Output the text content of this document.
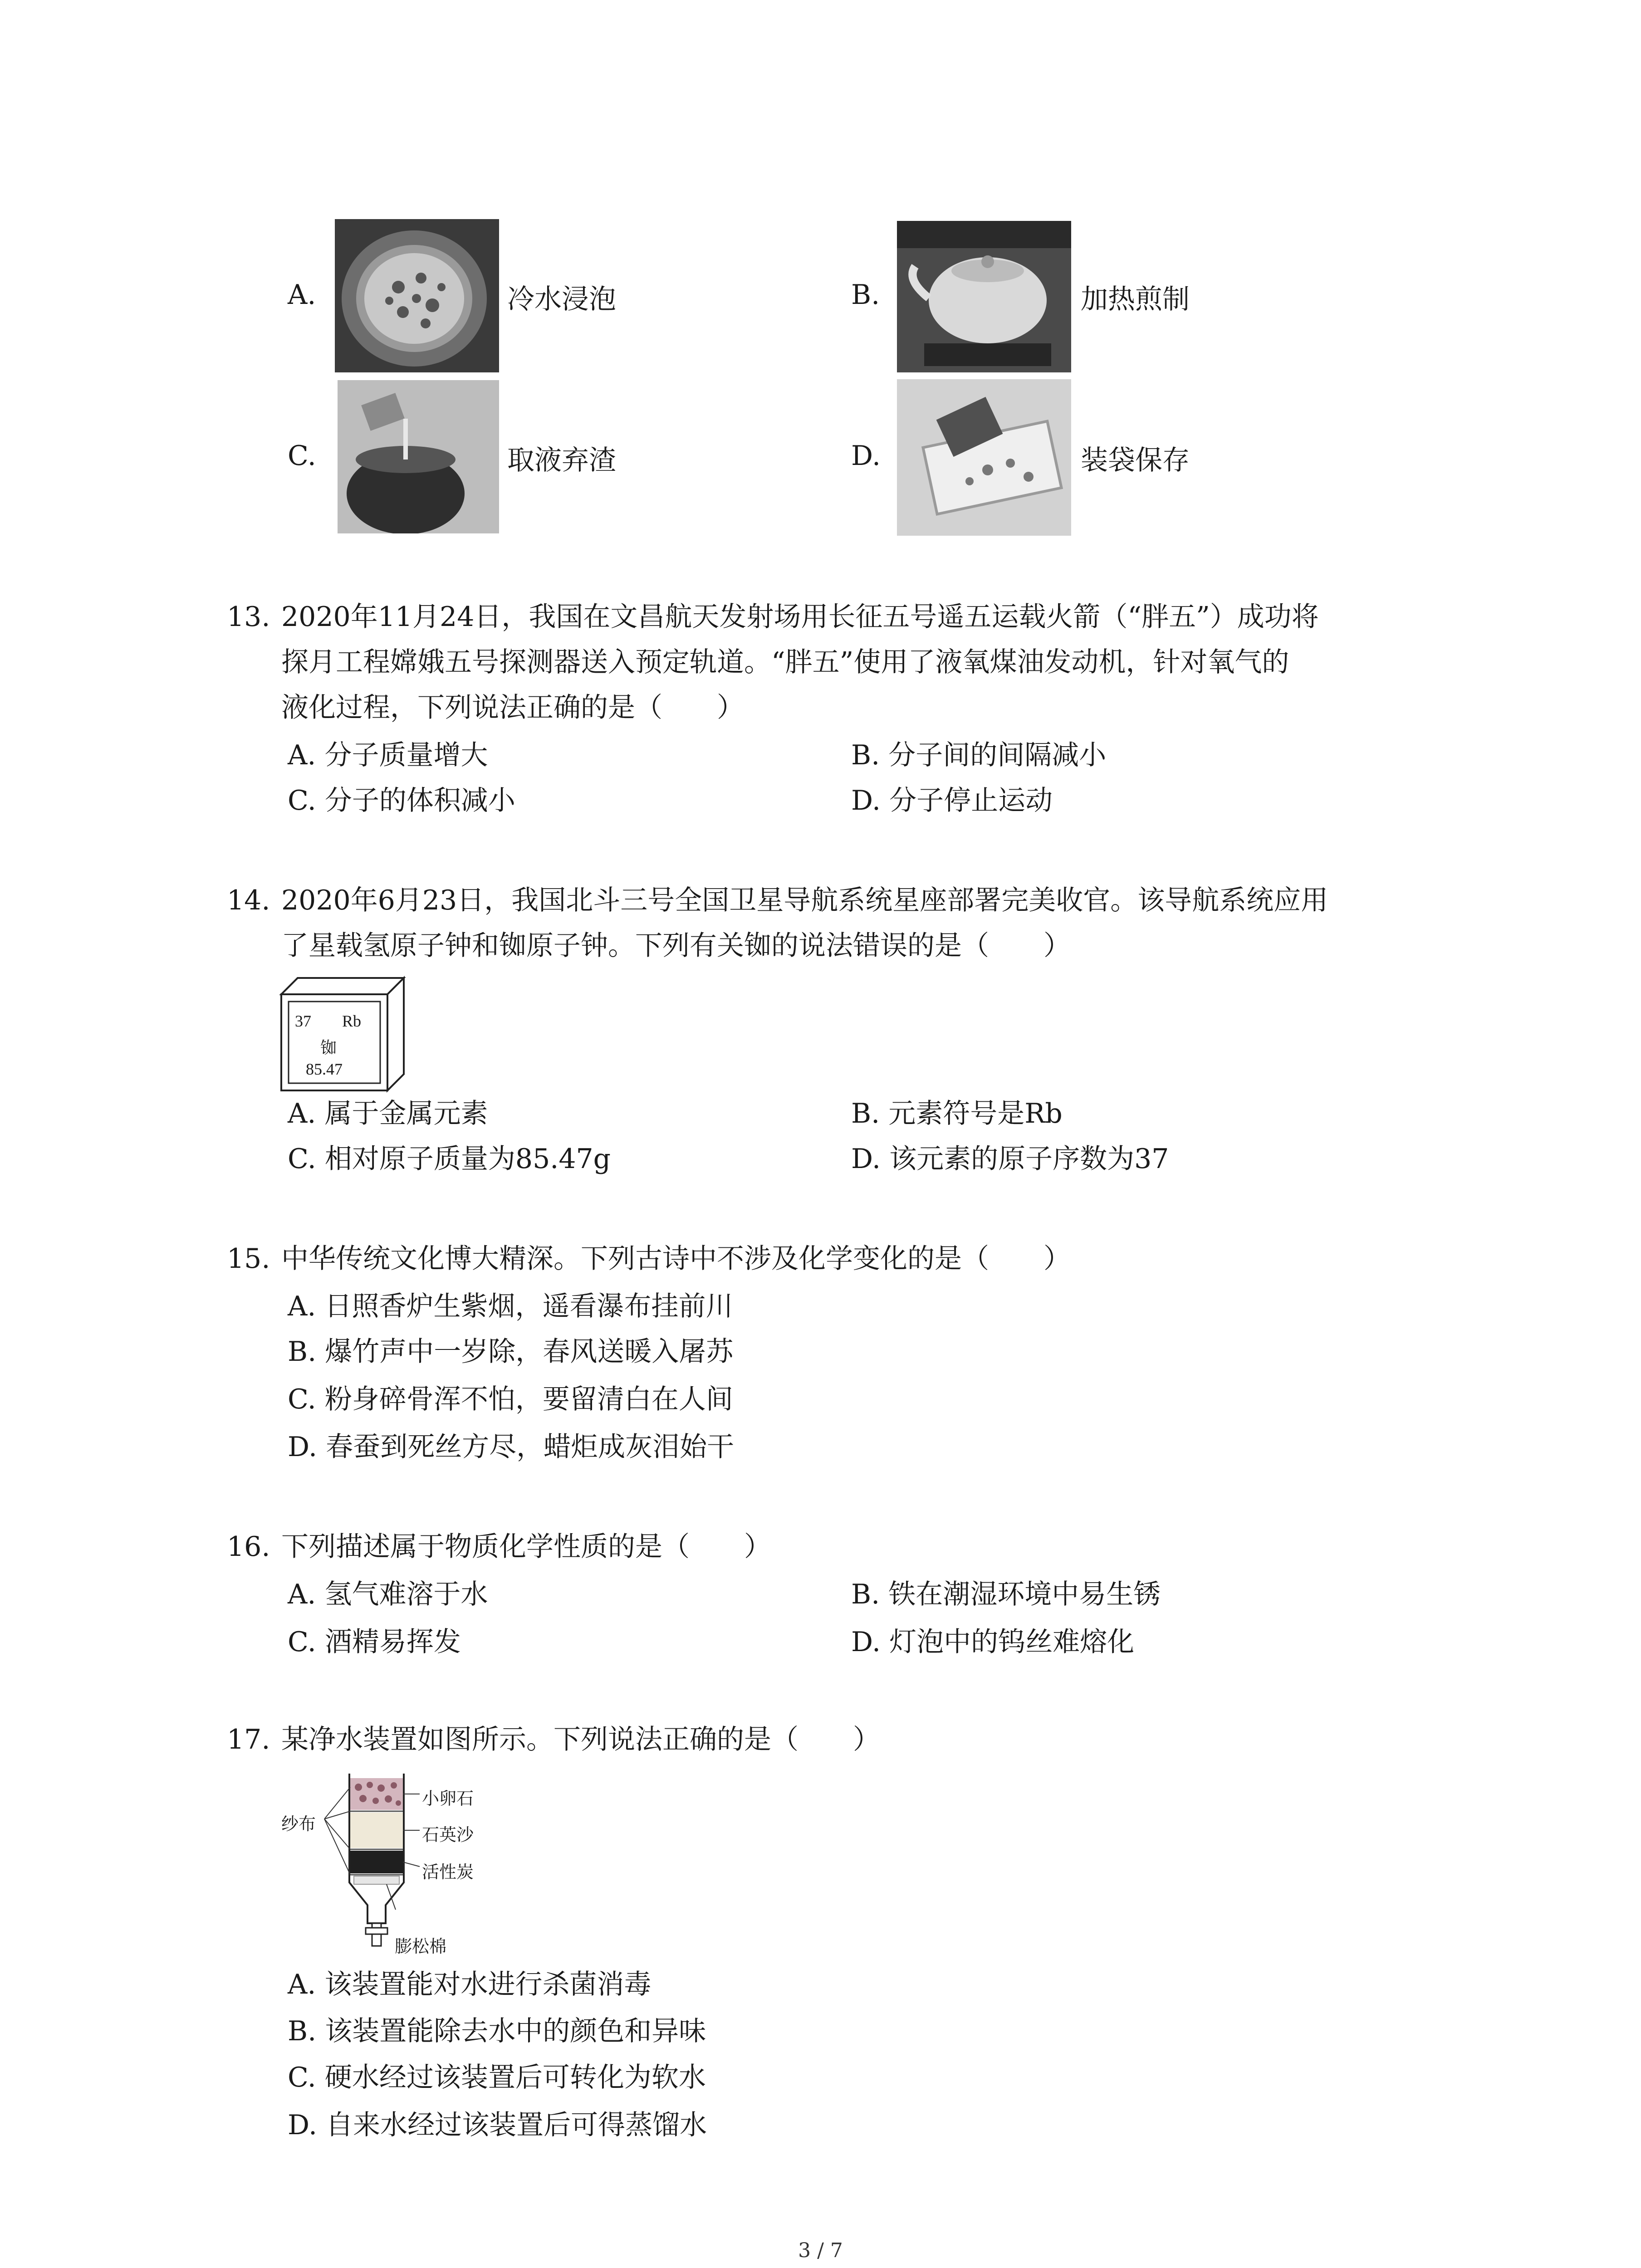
A.	冷水浸泡	B.	加热煎制
C.	取液弃渣	D.	装袋保存
13. 2020年11月24日，我国在文昌航天发射场用长征五号遥五运载火箭（“胖五”）成功将
探月工程嫦娥五号探测器送入预定轨道。“胖五”使用了液氧煤油发动机，针对氧气的
液化过程，下列说法正确的是（　　）
A. 分子质量增大	B. 分子间的间隔减小
C. 分子的体积减小	D. 分子停止运动
14. 2020年6月23日，我国北斗三号全国卫星导航系统星座部署完美收官。该导航系统应用
了星载氢原子钟和铷原子钟。下列有关铷的说法错误的是（　　）
37 Rb
铷
85.47
A. 属于金属元素	B. 元素符号是Rb
C. 相对原子质量为85.47g	D. 该元素的原子序数为37
15. 中华传统文化博大精深。下列古诗中不涉及化学变化的是（　　）
A. 日照香炉生紫烟，遥看瀑布挂前川
B. 爆竹声中一岁除，春风送暖入屠苏
C. 粉身碎骨浑不怕，要留清白在人间
D. 春蚕到死丝方尽，蜡炬成灰泪始干
16. 下列描述属于物质化学性质的是（　　）
A. 氢气难溶于水	B. 铁在潮湿环境中易生锈
C. 酒精易挥发	D. 灯泡中的钨丝难熔化
17. 某净水装置如图所示。下列说法正确的是（　　）
纱布
小卵石
石英沙
活性炭
膨松棉
A. 该装置能对水进行杀菌消毒
B. 该装置能除去水中的颜色和异味
C. 硬水经过该装置后可转化为软水
D. 自来水经过该装置后可得蒸馏水
3 / 7
